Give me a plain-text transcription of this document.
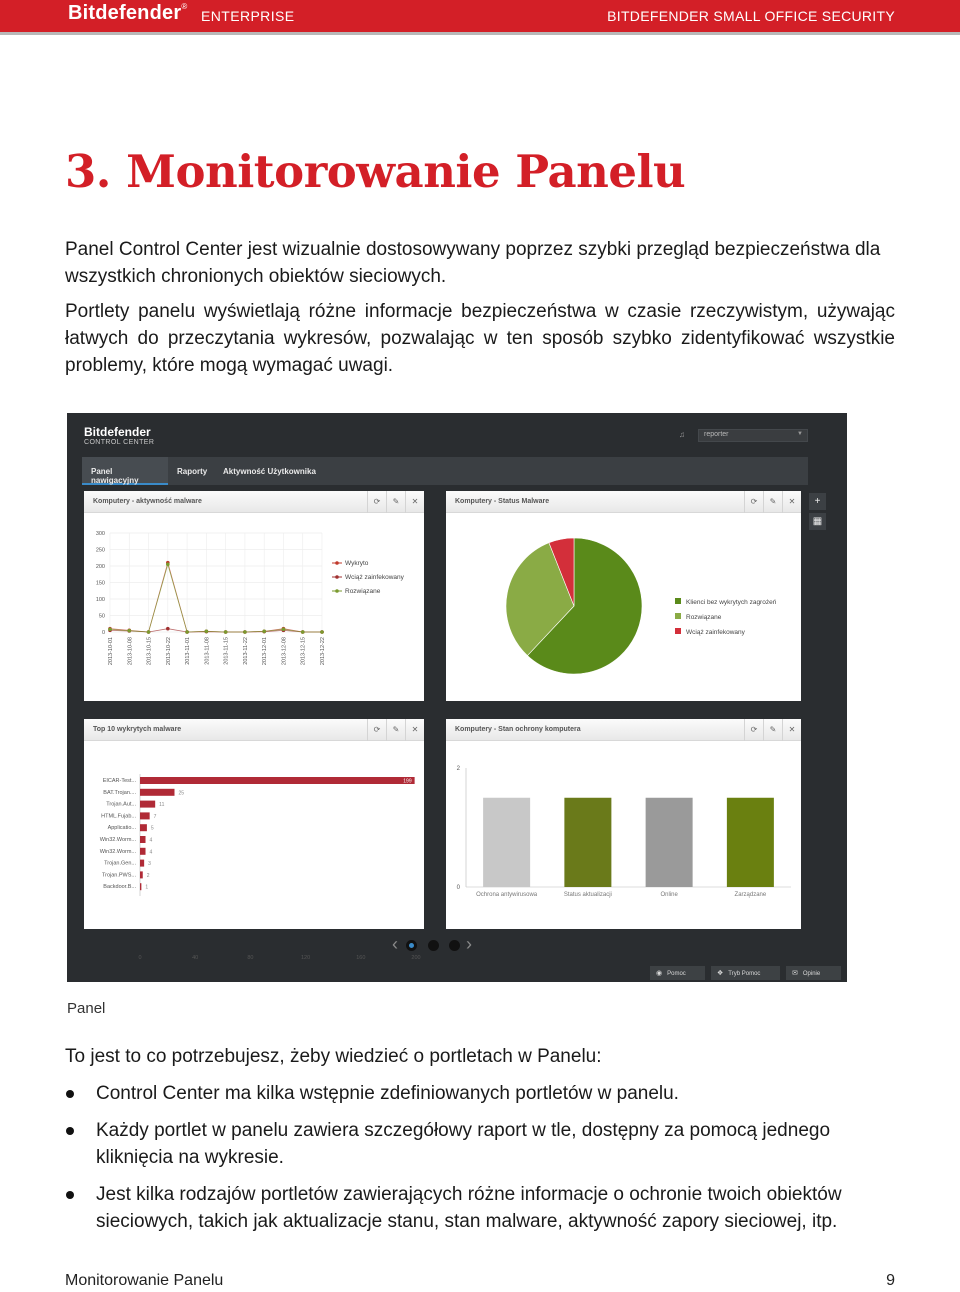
Bitdefender®
ENTERPRISE	BITDEFENDER SMALL OFFICE SECURITY
3. Monitorowanie Panelu

Panel Control Center jest wizualnie dostosowywany poprzez szybki przegląd bezpieczeństwa dla wszystkich chronionych obiektów sieciowych.

Portlety panelu wyświetlają różne informacje bezpieczeństwa w czasie rzeczywistym, używając łatwych do przeczytania wykresów, pozwalając w ten sposób szybko zidentyfikować wszystkie problemy, które mogą wymagać uwagi.

Bitdefender
CONTROL CENTER
♫	reporter	▼
Panel nawigacyjny
Raporty	Aktywność Użytkownika
Komputery - aktywność malware	⟳	✎	✕
0
50
100
150
200
250
300
2013-10-01 2013-10-08 2013-10-15 2013-10-22 2013-11-01 2013-11-08 2013-11-15 2013-11-22 2013-12-01 2013-12-08 2013-12-15 2013-12-22
Wykryto
Wciąż zainfekowany
Rozwiązane
Komputery - Status Malware	⟳	✎	✕
Klienci bez wykrytych zagrożeń
Rozwiązane
Wciąż zainfekowany
+
▦
Top 10 wykrytych malware	⟳	✎	✕
0	40	80	120	160	200
EICAR-Test...	199
BAT.Trojan....	25
Trojan.Aut...	11
HTML.Fujab...	7
Applicatio...	5
Win32.Worm...	4
Win32.Worm...	4
Trojan.Gen... 3
Trojan.PWS... 2
Backdoor.B... 1
Komputery - Stan ochrony komputera	⟳	✎	✕
0
2
Ochrona antywirusowa	Status aktualizacji	Online	Zarządzane
‹	›
◉ Pomoc	❖ Tryb Pomoc	✉ Opinie
Panel

To jest to co potrzebujesz, żeby wiedzieć o portletach w Panelu:

Control Center ma kilka wstępnie zdefiniowanych portletów w panelu.
Każdy portlet w panelu zawiera szczegółowy raport w tle, dostępny za pomocą jednego kliknięcia na wykresie.
Jest kilka rodzajów portletów zawierających różne informacje o ochronie twoich obiektów sieciowych, takich jak aktualizacje stanu, stan malware, aktywność zapory sieciowej, itp.
Monitorowanie Panelu	9
